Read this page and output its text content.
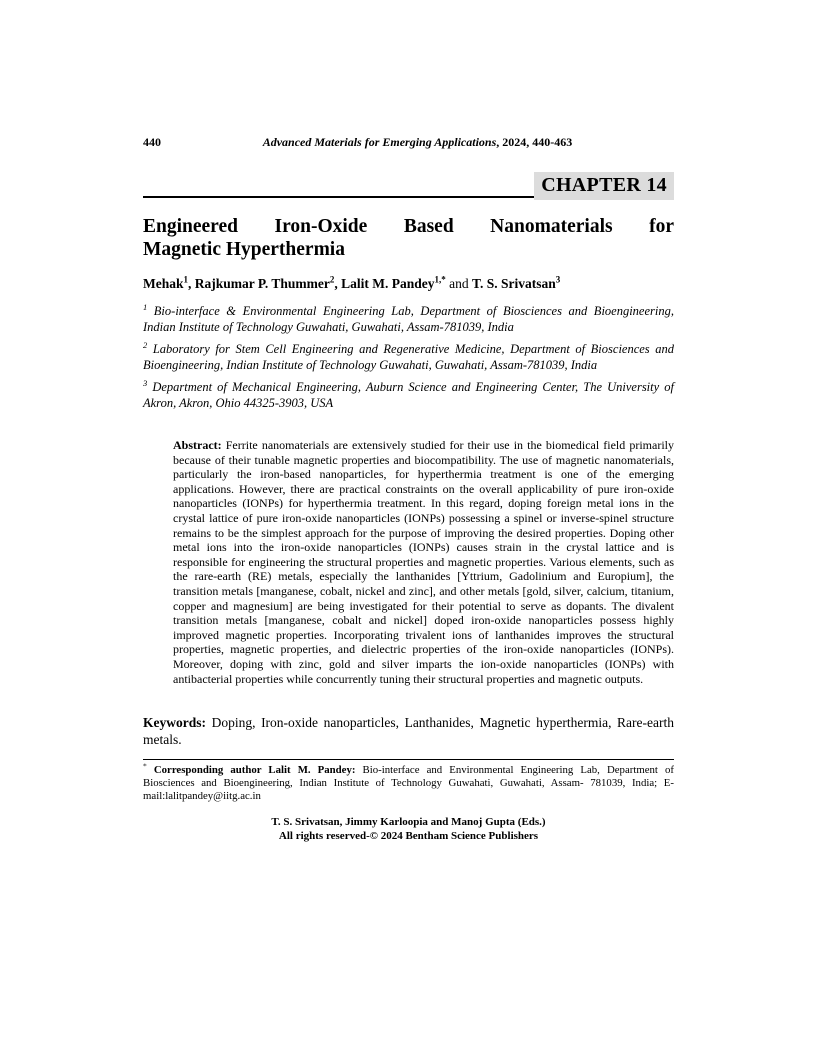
440	Advanced Materials for Emerging Applications, 2024, 440-463
CHAPTER 14
Engineered Iron-Oxide Based Nanomaterials for
Magnetic Hyperthermia
Mehak$^1$, Rajkumar P. Thummer$^2$, Lalit M. Pandey$^{1,*}$ and T. S. Srivatsan$^3$

$^1$ Bio-interface & Environmental Engineering Lab, Department of Biosciences and Bioengineering, Indian Institute of Technology Guwahati, Guwahati, Assam-781039, India

$^2$ Laboratory for Stem Cell Engineering and Regenerative Medicine, Department of Biosciences and Bioengineering, Indian Institute of Technology Guwahati, Guwahati, Assam-781039, India

$^3$ Department of Mechanical Engineering, Auburn Science and Engineering Center, The University of Akron, Akron, Ohio 44325-3903, USA

Abstract: Ferrite nanomaterials are extensively studied for their use in the biomedical field primarily because of their tunable magnetic properties and biocompatibility. The use of magnetic nanomaterials, particularly the iron-based nanoparticles, for hyperthermia treatment is one of the emerging applications. However, there are practical constraints on the overall applicability of pure iron-oxide nanoparticles (IONPs) for hyperthermia treatment. In this regard, doping foreign metal ions in the crystal lattice of pure iron-oxide nanoparticles (IONPs) possessing a spinel or inverse-spinel structure remains to be the simplest approach for the purpose of improving the desired properties. Doping other metal ions into the iron-oxide nanoparticles (IONPs) causes strain in the crystal lattice and is responsible for engineering the structural properties and magnetic properties. Various elements, such as the rare-earth (RE) metals, especially the lanthanides [Yttrium, Gadolinium and Europium], the transition metals [manganese, cobalt, nickel and zinc], and other metals [gold, silver, calcium, titanium, copper and magnesium] are being investigated for their potential to serve as dopants. The divalent transition metals [manganese, cobalt and nickel] doped iron-oxide nanoparticles possess highly improved magnetic properties. Incorporating trivalent ions of lanthanides improves the structural properties, magnetic properties, and dielectric properties of the iron-oxide nanoparticles (IONPs). Moreover, doping with zinc, gold and silver imparts the ion-oxide nanoparticles (IONPs) with antibacterial properties while concurrently tuning their structural properties and magnetic outputs.
Keywords: Doping, Iron-oxide nanoparticles, Lanthanides, Magnetic hyperthermia, Rare-earth metals.
* Corresponding author Lalit M. Pandey: Bio-interface and Environmental Engineering Lab, Department of Biosciences and Bioengineering, Indian Institute of Technology Guwahati, Guwahati, Assam- 781039, India; E-mail:lalitpandey@iitg.ac.in
T. S. Srivatsan, Jimmy Karloopia and Manoj Gupta (Eds.)
All rights reserved-© 2024 Bentham Science Publishers
